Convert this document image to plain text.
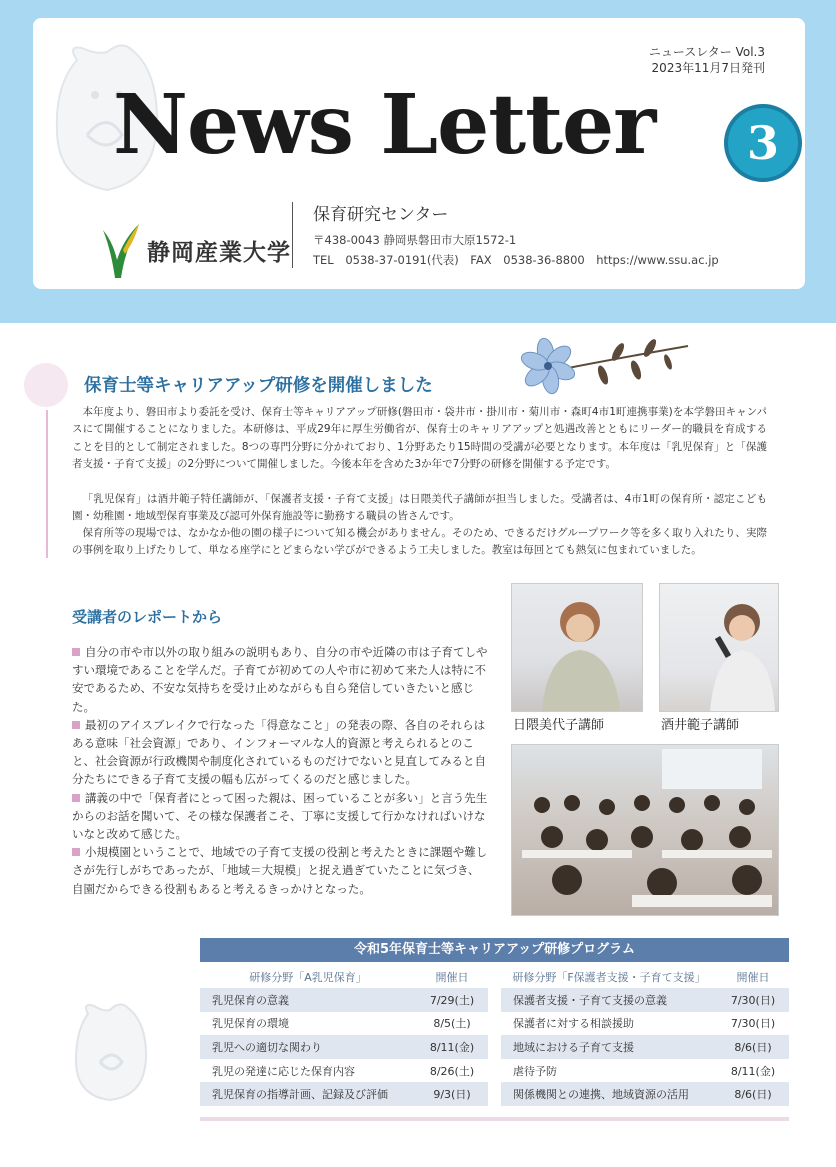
ニュースレター Vol.3
2023年11月7日発刊
News Letter	3
静岡産業大学
保育研究センター
〒438-0043 静岡県磐田市大原1572-1
TEL 0538-37-0191(代表)　FAX 0538-36-8800　https://www.ssu.ac.jp
保育士等キャリアアップ研修を開催しました

本年度より、磐田市より委託を受け、保育士等キャリアアップ研修(磐田市・袋井市・掛川市・菊川市・森町4市1町連携事業)を本学磐田キャンパスにて開催することになりました。本研修は、平成29年に厚生労働省が、保育士のキャリアアップと処遇改善とともにリーダー的職員を育成することを目的として制定されました。8つの専門分野に分かれており、1分野あたり15時間の受講が必要となります。本年度は「乳児保育」と「保護者支援・子育て支援」の2分野について開催しました。今後本年を含めた3か年で7分野の研修を開催する予定です。

「乳児保育」は酒井範子特任講師が、「保護者支援・子育て支援」は日隈美代子講師が担当しました。受講者は、4市1町の保育所・認定こども園・幼稚園・地域型保育事業及び認可外保育施設等に勤務する職員の皆さんです。

保育所等の現場では、なかなか他の園の様子について知る機会がありません。そのため、できるだけグループワーク等を多く取り入れたり、実際の事例を取り上げたりして、単なる座学にとどまらない学びができるよう工夫しました。教室は毎回とても熱気に包まれていました。

受講者のレポートから
自分の市や市以外の取り組みの説明もあり、自分の市や近隣の市は子育てしやすい環境であることを学んだ。子育てが初めての人や市に初めて来た人は特に不安であるため、不安な気持ちを受け止めながらも自ら発信していきたいと感じた。
最初のアイスブレイクで行なった「得意なこと」の発表の際、各自のそれらはある意味「社会資源」であり、インフォーマルな人的資源と考えられるとのこと、社会資源が行政機関や制度化されているものだけでないと見直してみると自分たちにできる子育て支援の幅も広がってくるのだと感じました。
講義の中で「保育者にとって困った親は、困っていることが多い」と言う先生からのお話を聞いて、その様な保護者こそ、丁寧に支援して行かなければいけないなと改めて感じた。
小規模園ということで、地域での子育て支援の役割と考えたときに課題や難しさが先行しがちであったが、「地域＝大規模」と捉え過ぎていたことに気づき、自園だからできる役割もあると考えるきっかけとなった。
日隈美代子講師	酒井範子講師
令和5年保育士等キャリアアップ研修プログラム
研修分野「A乳児保育」	開催日
乳児保育の意義	7/29(土)
乳児保育の環境	8/5(土)
乳児への適切な関わり	8/11(金)
乳児の発達に応じた保育内容	8/26(土)
乳児保育の指導計画、記録及び評価	9/3(日)
研修分野「F保護者支援・子育て支援」	開催日
保護者支援・子育て支援の意義	7/30(日)
保護者に対する相談援助	7/30(日)
地域における子育て支援	8/6(日)
虐待予防	8/11(金)
関係機関との連携、地域資源の活用	8/6(日)
